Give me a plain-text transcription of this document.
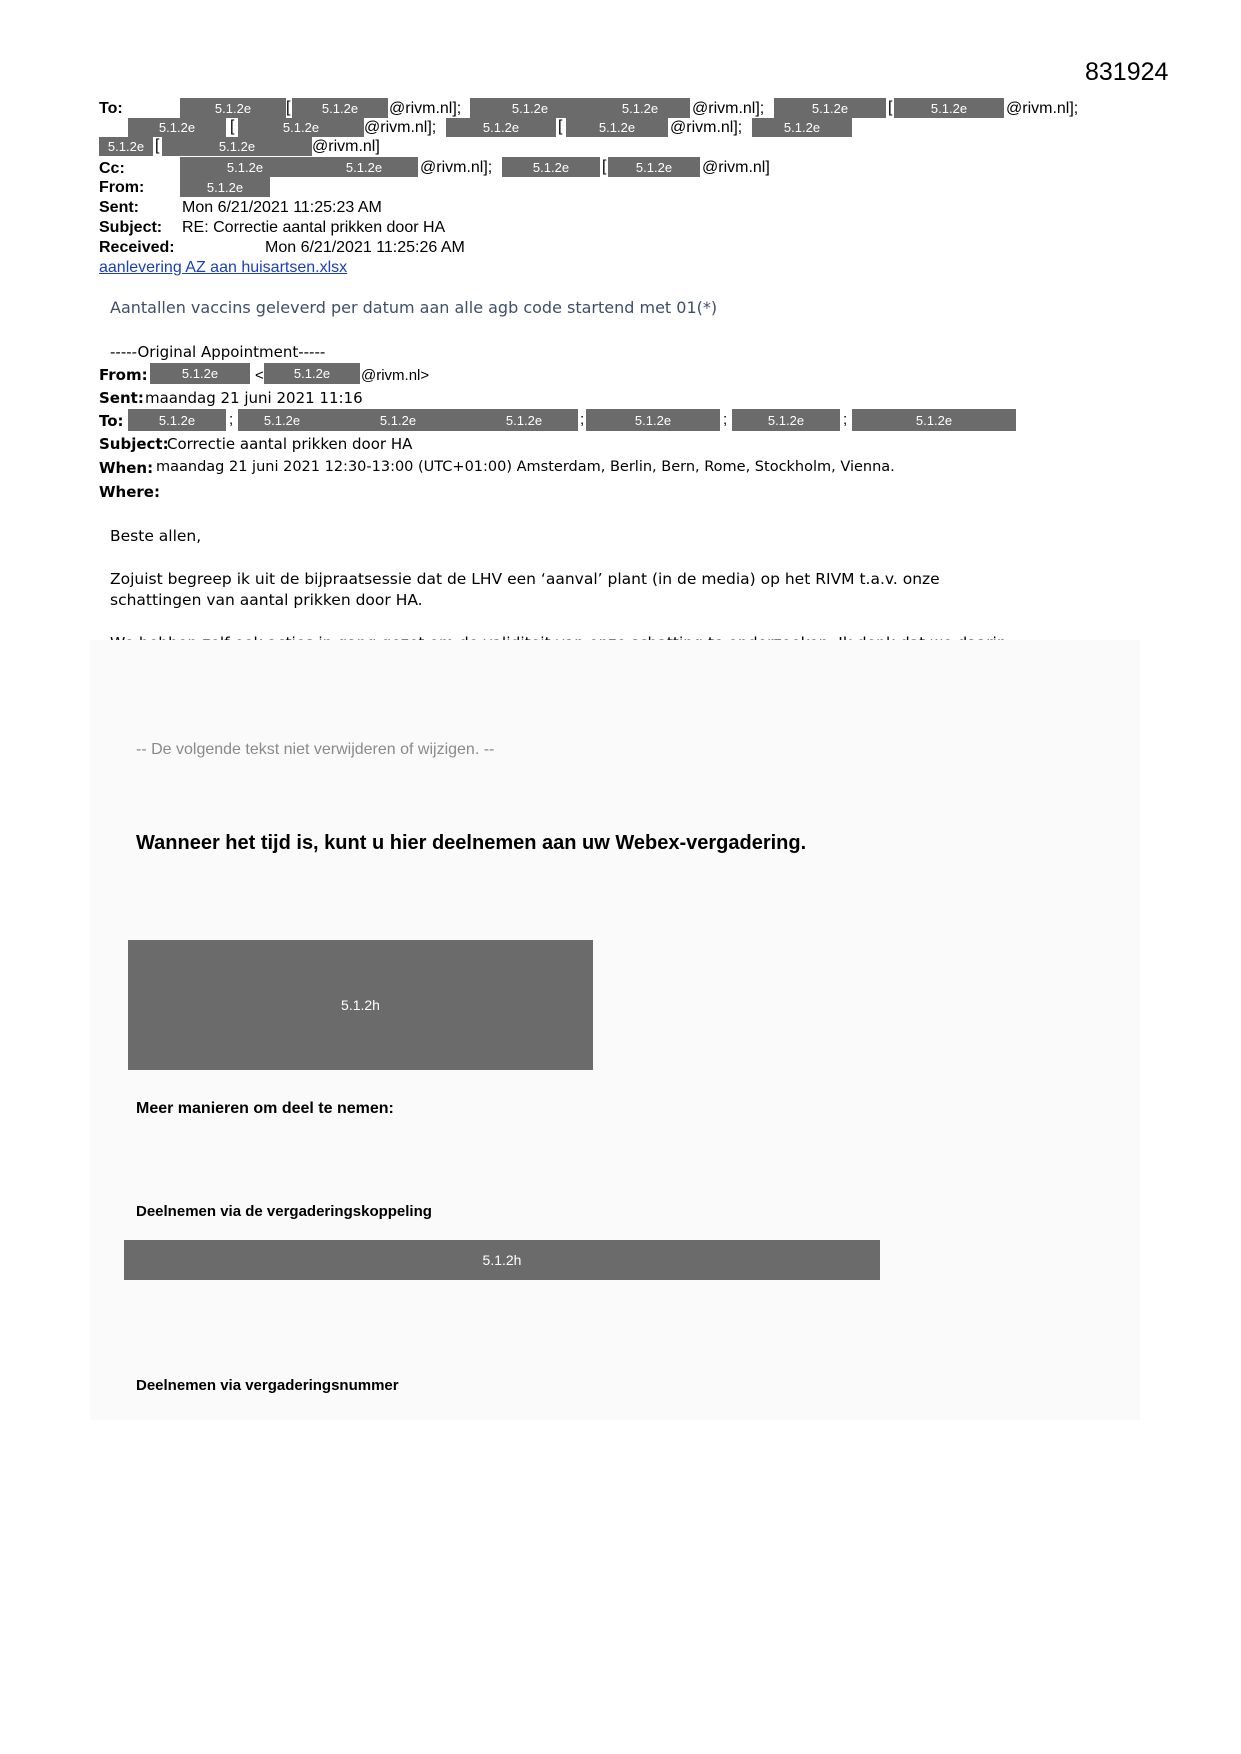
831924
To:	5.1.2e	[	5.1.2e	@rivm.nl];	5.1.2e	5.1.2e	@rivm.nl];	5.1.2e	[	5.1.2e	@rivm.nl];
5.1.2e	[	5.1.2e	@rivm.nl];	5.1.2e	[	5.1.2e	@rivm.nl];	5.1.2e
5.1.2e [	5.1.2e	@rivm.nl]
Cc:	5.1.2e	5.1.2e	@rivm.nl];	5.1.2e	[	5.1.2e	@rivm.nl]
From:	5.1.2e
Sent:	Mon 6/21/2021 11:25:23 AM
Subject: RE: Correctie aantal prikken door HA
Received:	Mon 6/21/2021 11:25:26 AM
aanlevering AZ aan huisartsen.xlsx
Aantallen vaccins geleverd per datum aan alle agb code startend met 01(*)
-----Original Appointment-----
From:	5.1.2e	<	5.1.2e	@rivm.nl>
Sent: maandag 21 juni 2021 11:16
To:	5.1.2e	;	5.1.2e	5.1.2e	5.1.2e	;	5.1.2e	;	5.1.2e	;	5.1.2e
Subject:
Correctie aantal prikken door HA
When: maandag 21 juni 2021 12:30-13:00 (UTC+01:00) Amsterdam, Berlin, Bern, Rome, Stockholm, Vienna.
Where:
Beste allen,
Zojuist begreep ik uit de bijpraatsessie dat de LHV een ‘aanval’ plant (in de media) op het RIVM t.a.v. onze
schattingen van aantal prikken door HA.
-- De volgende tekst niet verwijderen of wijzigen. --
Wanneer het tijd is, kunt u hier deelnemen aan uw Webex-vergadering.
5.1.2h
Meer manieren om deel te nemen:
Deelnemen via de vergaderingskoppeling
5.1.2h
Deelnemen via vergaderingsnummer
